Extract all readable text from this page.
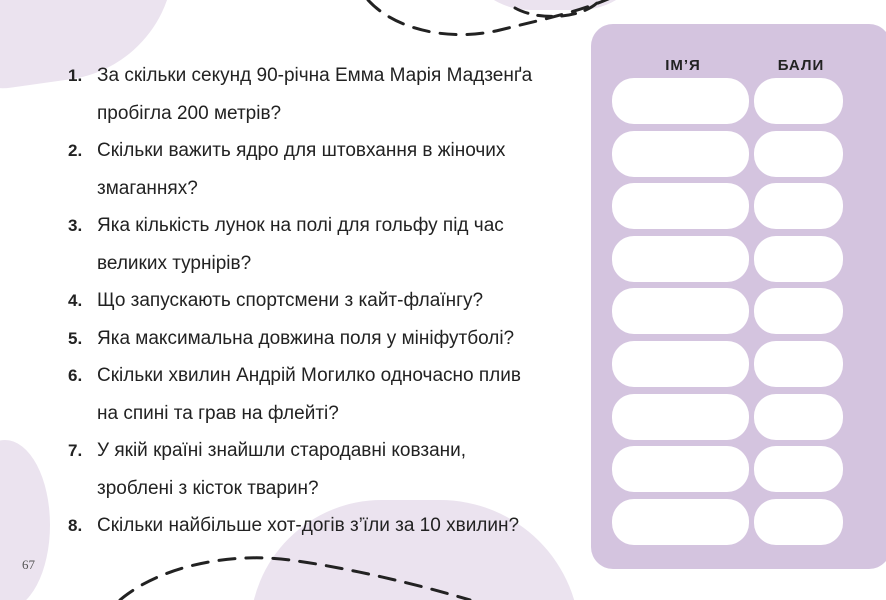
1. За скільки секунд 90-річна Емма Марія Мадзенґа
пробігла 200 метрів?
2. Скільки важить ядро для штовхання в жіночих
змаганнях?
3. Яка кількість лунок на полі для гольфу під час
великих турнірів?
4. Що запускають спортсмени з кайт-флаїнгу?
5. Яка максимальна довжина поля у мініфутболі?
6. Скільки хвилин Андрій Могилко одночасно плив
на спині та грав на флейті?
7. У якій країні знайшли стародавні ковзани,
зроблені з кісток тварин?
8. Скільки найбільше хот-догів з’їли за 10 хвилин?
67
ІМ’Я	БАЛИ
